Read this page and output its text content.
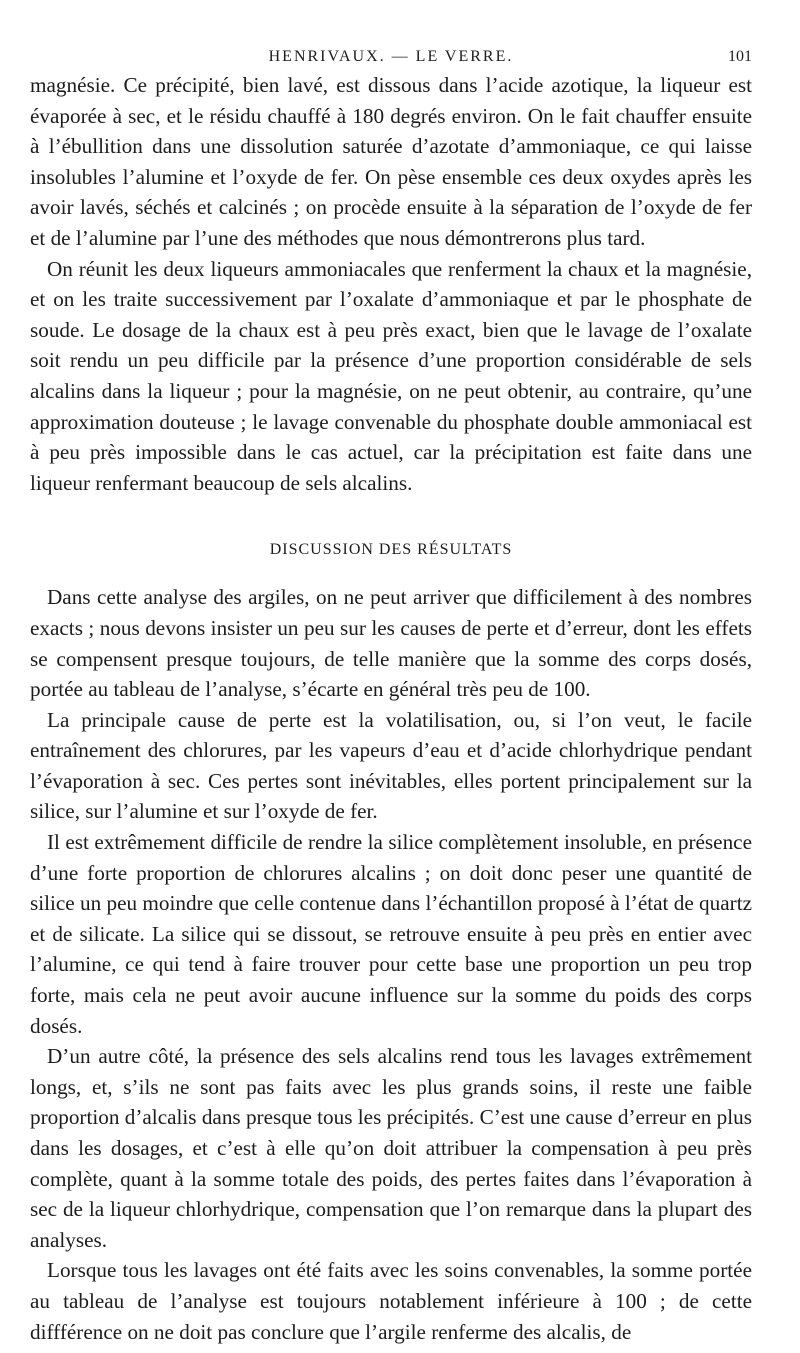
HENRIVAUX. — LE VERRE.	101

magnésie. Ce précipité, bien lavé, est dissous dans l’acide azotique, la liqueur est évaporée à sec, et le résidu chauffé à 180 degrés environ. On le fait chauffer ensuite à l’ébullition dans une dissolution saturée d’azotate d’ammoniaque, ce qui laisse insolubles l’alumine et l’oxyde de fer. On pèse ensemble ces deux oxydes après les avoir lavés, séchés et calcinés ; on procède ensuite à la séparation de l’oxyde de fer et de l’alumine par l’une des méthodes que nous démontrerons plus tard.

On réunit les deux liqueurs ammoniacales que renferment la chaux et la magnésie, et on les traite successivement par l’oxalate d’ammoniaque et par le phosphate de soude. Le dosage de la chaux est à peu près exact, bien que le lavage de l’oxalate soit rendu un peu difficile par la présence d’une proportion considérable de sels alcalins dans la liqueur ; pour la magnésie, on ne peut obtenir, au contraire, qu’une approximation douteuse ; le lavage convenable du phosphate double ammoniacal est à peu près impossible dans le cas actuel, car la précipitation est faite dans une liqueur renfermant beaucoup de sels alcalins.

DISCUSSION DES RÉSULTATS

Dans cette analyse des argiles, on ne peut arriver que difficilement à des nombres exacts ; nous devons insister un peu sur les causes de perte et d’erreur, dont les effets se compensent presque toujours, de telle manière que la somme des corps dosés, portée au tableau de l’analyse, s’écarte en général très peu de 100.

La principale cause de perte est la volatilisation, ou, si l’on veut, le facile entraînement des chlorures, par les vapeurs d’eau et d’acide chlorhydrique pendant l’évaporation à sec. Ces pertes sont inévitables, elles portent principalement sur la silice, sur l’alumine et sur l’oxyde de fer.

Il est extrêmement difficile de rendre la silice complètement insoluble, en présence d’une forte proportion de chlorures alcalins ; on doit donc peser une quantité de silice un peu moindre que celle contenue dans l’échantillon proposé à l’état de quartz et de silicate. La silice qui se dissout, se retrouve ensuite à peu près en entier avec l’alumine, ce qui tend à faire trouver pour cette base une proportion un peu trop forte, mais cela ne peut avoir aucune influence sur la somme du poids des corps dosés.

D’un autre côté, la présence des sels alcalins rend tous les lavages extrêmement longs, et, s’ils ne sont pas faits avec les plus grands soins, il reste une faible proportion d’alcalis dans presque tous les précipités. C’est une cause d’erreur en plus dans les dosages, et c’est à elle qu’on doit attribuer la compensation à peu près complète, quant à la somme totale des poids, des pertes faites dans l’évaporation à sec de la liqueur chlorhydrique, compensation que l’on remarque dans la plupart des analyses.

Lorsque tous les lavages ont été faits avec les soins convenables, la somme portée au tableau de l’analyse est toujours notablement inférieure à 100 ; de cette diffférence on ne doit pas conclure que l’argile renferme des alcalis, de
